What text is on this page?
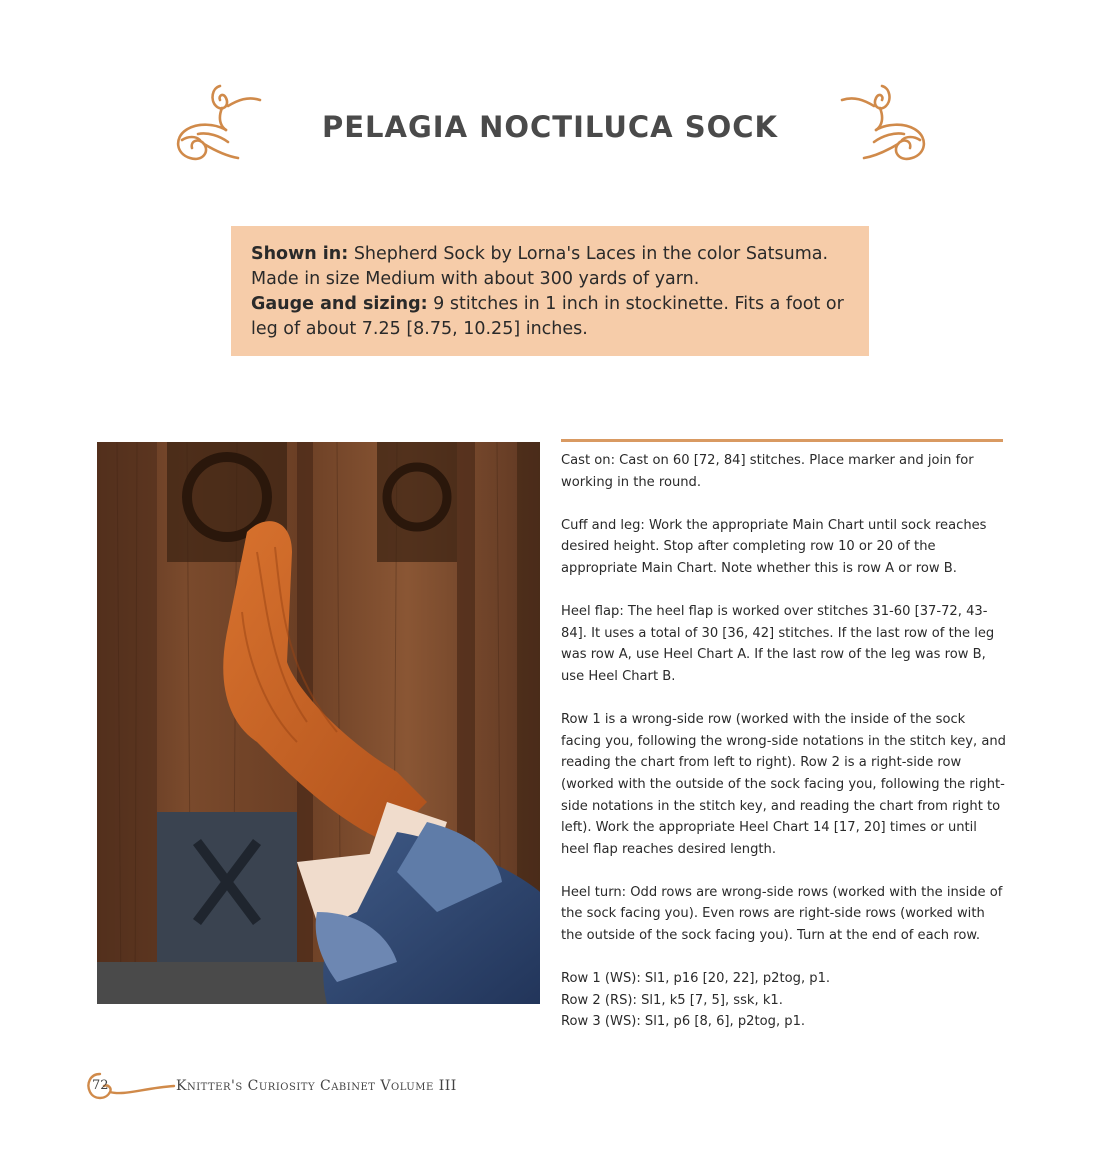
PELAGIA NOCTILUCA SOCK
Shown in: Shepherd Sock by Lorna's Laces in the color Satsuma. Made in size Medium with about 300 yards of yarn.
Gauge and sizing: 9 stitches in 1 inch in stockinette. Fits a foot or leg of about 7.25 [8.75, 10.25] inches.

Cast on: Cast on 60 [72, 84] stitches. Place marker and join for working in the round.

Cuff and leg: Work the appropriate Main Chart until sock reaches desired height. Stop after completing row 10 or 20 of the appropriate Main Chart. Note whether this is row A or row B.

Heel flap: The heel flap is worked over stitches 31-60 [37-72, 43-84]. It uses a total of 30 [36, 42] stitches. If the last row of the leg was row A, use Heel Chart A. If the last row of the leg was row B, use Heel Chart B.

Row 1 is a wrong-side row (worked with the inside of the sock facing you, following the wrong-side notations in the stitch key, and reading the chart from left to right). Row 2 is a right-side row (worked with the outside of the sock facing you, following the right-side notations in the stitch key, and reading the chart from right to left). Work the appropriate Heel Chart 14 [17, 20] times or until heel flap reaches desired length.

Heel turn: Odd rows are wrong-side rows (worked with the inside of the sock facing you). Even rows are right-side rows (worked with the outside of the sock facing you). Turn at the end of each row.

Row 1 (WS): Sl1, p16 [20, 22], p2tog, p1.

Row 2 (RS): Sl1, k5 [7, 5], ssk, k1.

Row 3 (WS): Sl1, p6 [8, 6], p2tog, p1.

72	Knitter's Curiosity Cabinet Volume III
